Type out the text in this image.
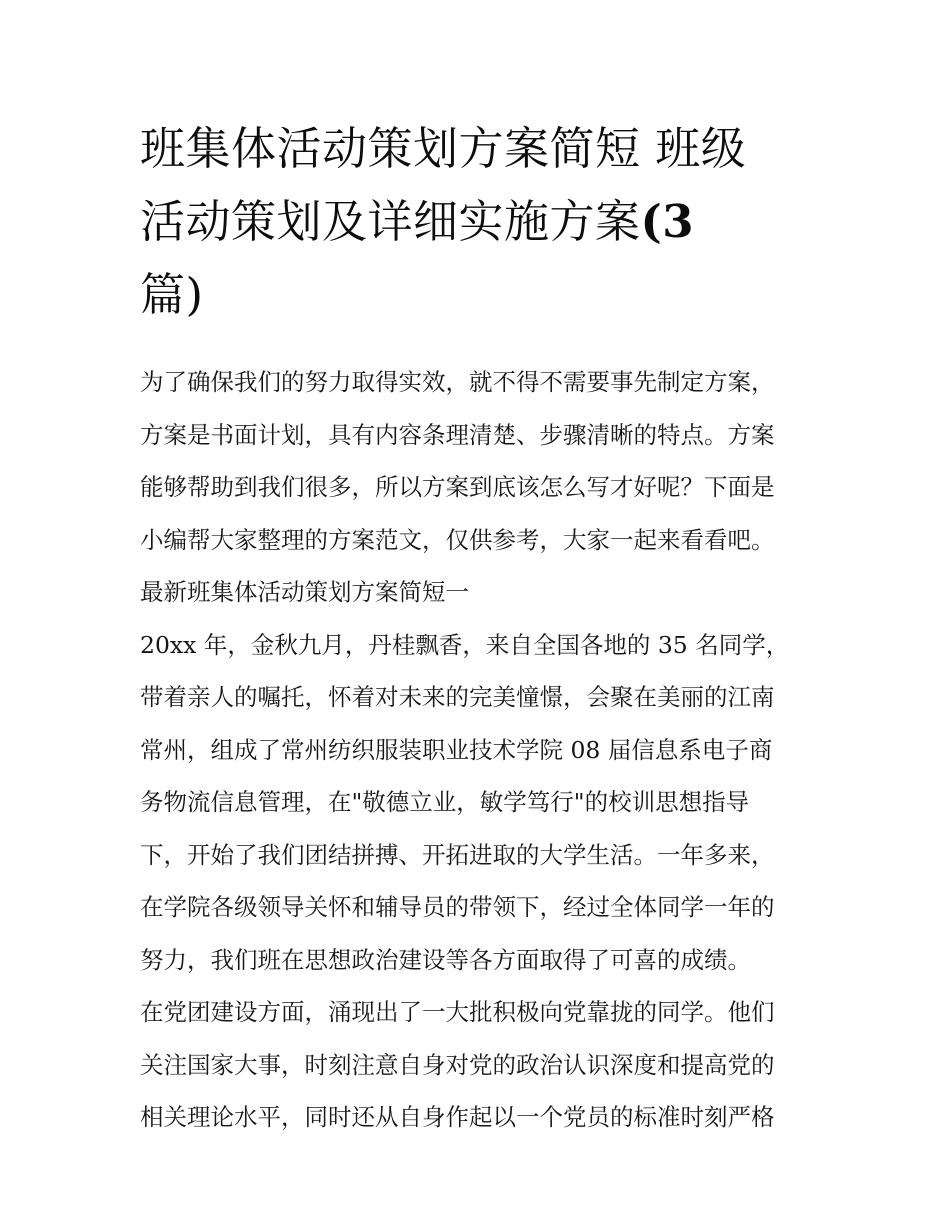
班集体活动策划方案简短 班级
活动策划及详细实施方案(3
篇)
为了确保我们的努力取得实效，就不得不需要事先制定方案，
方案是书面计划，具有内容条理清楚、步骤清晰的特点。方案
能够帮助到我们很多，所以方案到底该怎么写才好呢？下面是
小编帮大家整理的方案范文，仅供参考，大家一起来看看吧。
最新班集体活动策划方案简短一
20xx 年，金秋九月，丹桂飘香，来自全国各地的 35 名同学，
带着亲人的嘱托，怀着对未来的完美憧憬，会聚在美丽的江南
常州，组成了常州纺织服装职业技术学院 08 届信息系电子商
务物流信息管理，在"敬德立业，敏学笃行"的校训思想指导
下，开始了我们团结拼搏、开拓进取的大学生活。一年多来，
在学院各级领导关怀和辅导员的带领下，经过全体同学一年的
努力，我们班在思想政治建设等各方面取得了可喜的成绩。
在党团建设方面，涌现出了一大批积极向党靠拢的同学。他们
关注国家大事，时刻注意自身对党的政治认识深度和提高党的
相关理论水平，同时还从自身作起以一个党员的标准时刻严格
